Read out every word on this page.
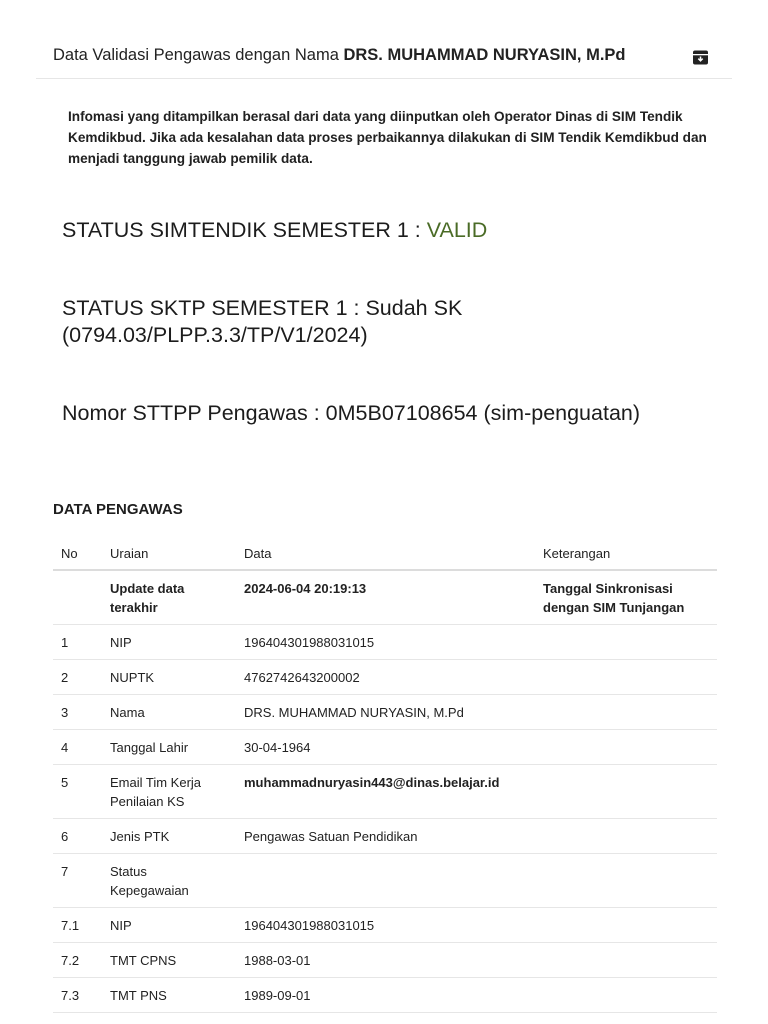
Data Validasi Pengawas dengan Nama DRS. MUHAMMAD NURYASIN, M.Pd
Infomasi yang ditampilkan berasal dari data yang diinputkan oleh Operator Dinas di SIM Tendik Kemdikbud. Jika ada kesalahan data proses perbaikannya dilakukan di SIM Tendik Kemdikbud dan menjadi tanggung jawab pemilik data.
STATUS SIMTENDIK SEMESTER 1 : VALID
STATUS SKTP SEMESTER 1 : Sudah SK
(0794.03/PLPP.3.3/TP/V1/2024)
Nomor STTPP Pengawas : 0M5B07108654 (sim-penguatan)
DATA PENGAWAS
No	Uraian	Data	Keterangan
	Update data terakhir	2024-06-04 20:19:13	Tanggal Sinkronisasi dengan SIM Tunjangan
1	NIP	196404301988031015	
2	NUPTK	4762742643200002	
3	Nama	DRS. MUHAMMAD NURYASIN, M.Pd	
4	Tanggal Lahir	30-04-1964	
5	Email Tim Kerja Penilaian KS	muhammadnuryasin443@dinas.belajar.id	
6	Jenis PTK	Pengawas Satuan Pendidikan	
7	Status Kepegawaian		
7.1	NIP	196404301988031015	
7.2	TMT CPNS	1988-03-01	
7.3	TMT PNS	1989-09-01	
